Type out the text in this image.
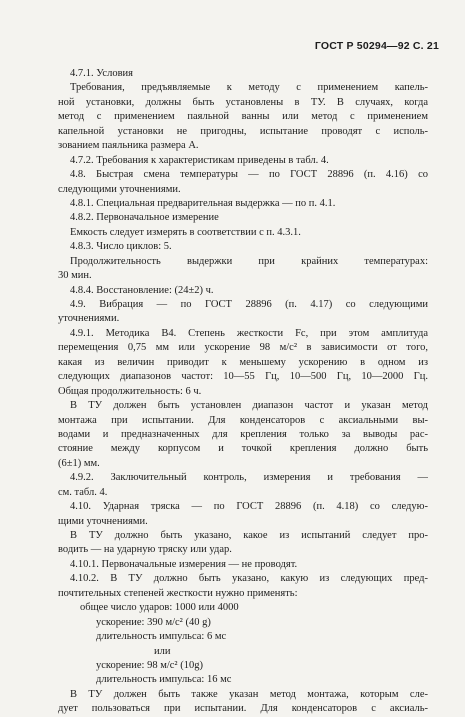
ГОСТ Р 50294—92 С. 21
4.7.1. Условия
Требования, предъявляемые к методу с применением капель-
ной установки, должны быть установлены в ТУ. В случаях, когда
метод с применением паяльной ванны или метод с применением
капельной установки не пригодны, испытание проводят с исполь-
зованием паяльника размера А.
4.7.2. Требования к характеристикам приведены в табл. 4.
4.8. Быстрая смена температуры — по ГОСТ 28896 (п. 4.16) со
следующими уточнениями.
4.8.1. Специальная предварительная выдержка — по п. 4.1.
4.8.2. Первоначальное измерение
Емкость следует измерять в соответствии с п. 4.3.1.
4.8.3. Число циклов: 5.
Продолжительность выдержки при крайних температурах:
30 мин.
4.8.4. Восстановление: (24±2) ч.
4.9. Вибрация — по ГОСТ 28896 (п. 4.17) со следующими
уточнениями.
4.9.1. Методика В4. Степень жесткости Fc, при этом амплитуда
перемещения 0,75 мм или ускорение 98 м/с² в зависимости от того,
какая из величин приводит к меньшему ускорению в одном из
следующих диапазонов частот: 10—55 Гц, 10—500 Гц, 10—2000 Гц.
Общая продолжительность: 6 ч.
В ТУ должен быть установлен диапазон частот и указан метод
монтажа при испытании. Для конденсаторов с аксиальными вы-
водами и предназначенных для крепления только за выводы рас-
стояние между корпусом и точкой крепления должно быть
(6±1) мм.
4.9.2. Заключительный контроль, измерения и требования —
см. табл. 4.
4.10. Ударная тряска — по ГОСТ 28896 (п. 4.18) со следую-
щими уточнениями.
В ТУ должно быть указано, какое из испытаний следует про-
водить — на ударную тряску или удар.
4.10.1. Первоначальные измерения — не проводят.
4.10.2. В ТУ должно быть указано, какую из следующих пред-
почтительных степеней жесткости нужно применять:
общее число ударов: 1000 или 4000
ускорение: 390 м/с² (40 g)
длительность импульса: 6 мс
или
ускорение: 98 м/с² (10g)
длительность импульса: 16 мс
В ТУ должен быть также указан метод монтажа, которым сле-
дует пользоваться при испытании. Для конденсаторов с аксиаль-
